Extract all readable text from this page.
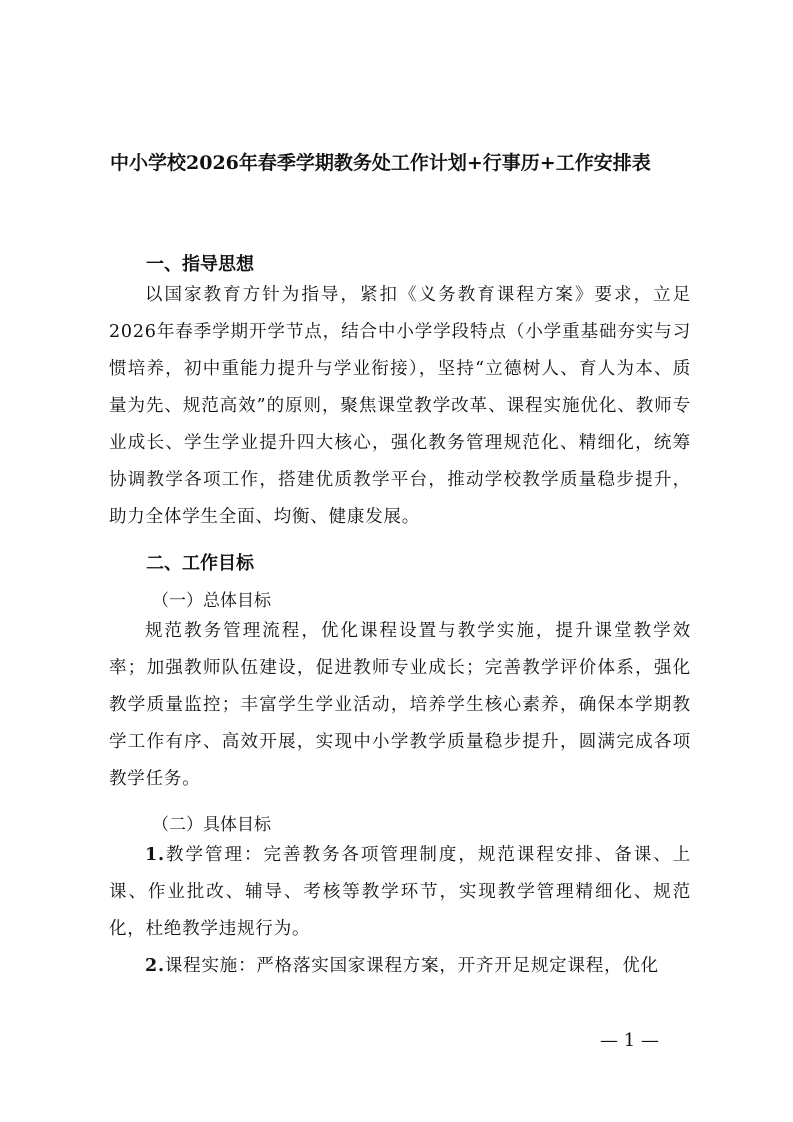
中小学校2026年春季学期教务处工作计划+行事历+工作安排表
一、指导思想

以国家教育方针为指导，紧扣《义务教育课程方案》要求，立足2026年春季学期开学节点，结合中小学学段特点（小学重基础夯实与习惯培养，初中重能力提升与学业衔接），坚持“立德树人、育人为本、质量为先、规范高效”的原则，聚焦课堂教学改革、课程实施优化、教师专业成长、学生学业提升四大核心，强化教务管理规范化、精细化，统筹协调教学各项工作，搭建优质教学平台，推动学校教学质量稳步提升，助力全体学生全面、均衡、健康发展。

二、工作目标
（一）总体目标

规范教务管理流程，优化课程设置与教学实施，提升课堂教学效率；加强教师队伍建设，促进教师专业成长；完善教学评价体系，强化教学质量监控；丰富学生学业活动，培养学生核心素养，确保本学期教学工作有序、高效开展，实现中小学教学质量稳步提升，圆满完成各项教学任务。

（二）具体目标

1.教学管理：完善教务各项管理制度，规范课程安排、备课、上课、作业批改、辅导、考核等教学环节，实现教学管理精细化、规范化，杜绝教学违规行为。

2.课程实施：严格落实国家课程方案，开齐开足规定课程，优化

— 1 —
